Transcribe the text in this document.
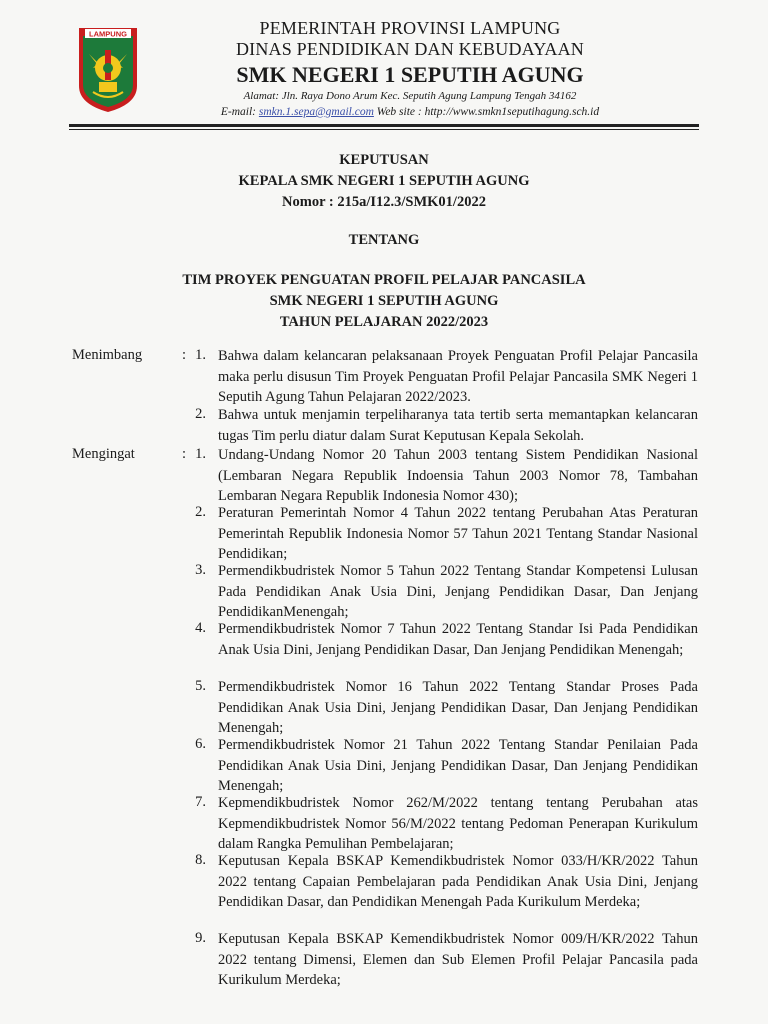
LAMPUNG	PEMERINTAH PROVINSI LAMPUNG
DINAS PENDIDIKAN DAN KEBUDAYAAN
SMK NEGERI 1 SEPUTIH AGUNG
Alamat: Jln. Raya Dono Arum Kec. Seputih Agung Lampung Tengah 34162
E-mail: smkn.1.sepa@gmail.com Web site : http://www.smkn1seputihagung.sch.id
KEPUTUSAN
KEPALA SMK NEGERI 1 SEPUTIH AGUNG
Nomor : 215a/I12.3/SMK01/2022
TENTANG
TIM PROYEK PENGUATAN PROFIL PELAJAR PANCASILA
SMK NEGERI 1 SEPUTIH AGUNG
TAHUN PELAJARAN 2022/2023
Menimbang	: 1. Bahwa dalam kelancaran pelaksanaan Proyek Penguatan Profil Pelajar Pancasila maka perlu disusun Tim Proyek Penguatan Profil Pelajar Pancasila SMK Negeri 1 Seputih Agung Tahun Pelajaran 2022/2023.
2. Bahwa untuk menjamin terpeliharanya tata tertib serta memantapkan kelancaran tugas Tim perlu diatur dalam Surat Keputusan Kepala Sekolah.
Mengingat	: 1. Undang-Undang Nomor 20 Tahun 2003 tentang Sistem Pendidikan Nasional (Lembaran Negara Republik Indoensia Tahun 2003 Nomor 78, Tambahan Lembaran Negara Republik Indonesia Nomor 430);
2. Peraturan Pemerintah Nomor 4 Tahun 2022 tentang Perubahan Atas Peraturan Pemerintah Republik Indonesia Nomor 57 Tahun 2021 Tentang Standar Nasional Pendidikan;
3. Permendikbudristek Nomor 5 Tahun 2022 Tentang Standar Kompetensi Lulusan Pada Pendidikan Anak Usia Dini, Jenjang Pendidikan Dasar, Dan Jenjang PendidikanMenengah;
4. Permendikbudristek Nomor 7 Tahun 2022 Tentang Standar Isi Pada Pendidikan Anak Usia Dini, Jenjang Pendidikan Dasar, Dan Jenjang Pendidikan Menengah;
5. Permendikbudristek Nomor 16 Tahun 2022 Tentang Standar Proses Pada Pendidikan Anak Usia Dini, Jenjang Pendidikan Dasar, Dan Jenjang Pendidikan Menengah;
6. Permendikbudristek Nomor 21 Tahun 2022 Tentang Standar Penilaian Pada Pendidikan Anak Usia Dini, Jenjang Pendidikan Dasar, Dan Jenjang Pendidikan Menengah;
7. Kepmendikbudristek Nomor 262/M/2022 tentang tentang Perubahan atas Kepmendikbudristek Nomor 56/M/2022 tentang Pedoman Penerapan Kurikulum dalam Rangka Pemulihan Pembelajaran;
8. Keputusan Kepala BSKAP Kemendikbudristek Nomor 033/H/KR/2022 Tahun 2022 tentang Capaian Pembelajaran pada Pendidikan Anak Usia Dini, Jenjang Pendidikan Dasar, dan Pendidikan Menengah Pada Kurikulum Merdeka;
9. Keputusan Kepala BSKAP Kemendikbudristek Nomor 009/H/KR/2022 Tahun 2022 tentang Dimensi, Elemen dan Sub Elemen Profil Pelajar Pancasila pada Kurikulum Merdeka;
